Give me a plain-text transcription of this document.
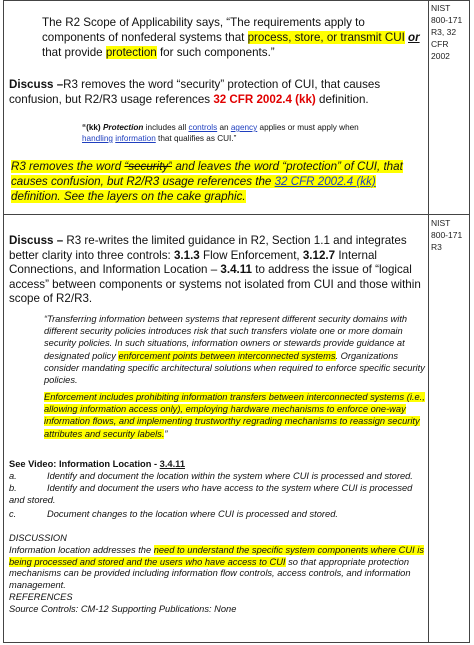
NIST
800-171
R3, 32
CFR
2002

The R2 Scope of Applicability says, “The requirements apply to components of nonfederal systems that process, store, or transmit CUI or that provide protection for such components.”

Discuss –R3 removes the word “security” protection of CUI, that causes confusion, but R2/R3 usage references 32 CFR 2002.4 (kk) definition.

“(kk) Protection includes all controls an agency applies or must apply when handling information that qualifies as CUI.”

R3 removes the word “security” and leaves the word “protection” of CUI, that causes confusion, but R2/R3 usage references the 32 CFR 2002.4 (kk) definition. See the layers on the cake graphic.

NIST
800-171
R3

Discuss – R3 re-writes the limited guidance in R2, Section 1.1 and integrates better clarity into three controls: 3.1.3 Flow Enforcement, 3.12.7 Internal Connections, and Information Location – 3.4.11 to address the issue of “logical access” between components or systems not isolated from CUI and those within scope of R2/R3.

“Transferring information between systems that represent different security domains with different security policies introduces risk that such transfers violate one or more domain security policies. In such situations, information owners or stewards provide guidance at designated policy enforcement points between interconnected systems. Organizations consider mandating specific architectural solutions when required to enforce specific security policies.

Enforcement includes prohibiting information transfers between interconnected systems (i.e., allowing information access only), employing hardware mechanisms to enforce one-way information flows, and implementing trustworthy regrading mechanisms to reassign security attributes and security labels.”

See Video: Information Location - 3.4.11

a.	Identify and document the location within the system where CUI is processed and stored.
b.	Identify and document the users who have access to the system where CUI is processed and stored.
c.	Document changes to the location where CUI is processed and stored.
DISCUSSION
Information location addresses the need to understand the specific system components where CUI is being processed and stored and the users who have access to CUI so that appropriate protection mechanisms can be provided including information flow controls, access controls, and information management.
REFERENCES
Source Controls: CM-12 Supporting Publications: None
